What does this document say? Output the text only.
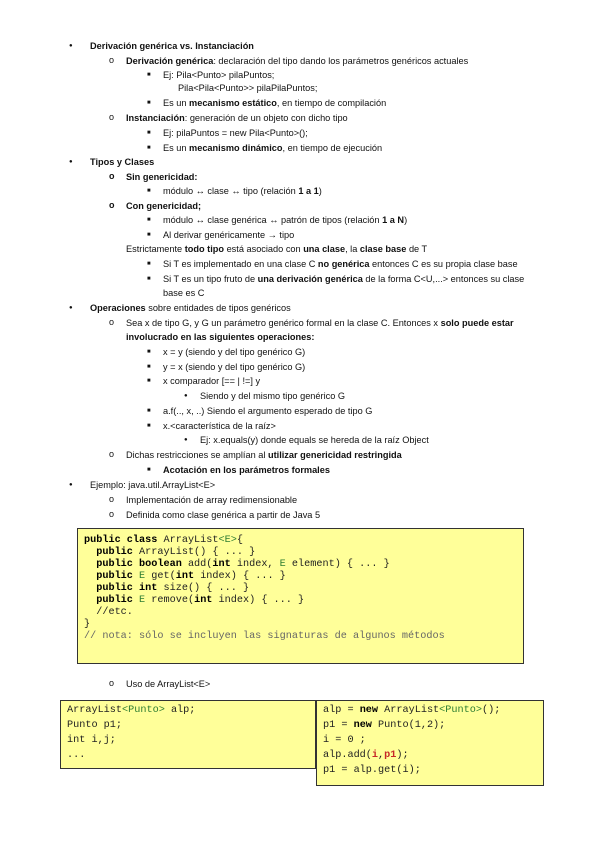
● Derivación genérica vs. Instanciación
o Derivación genérica: declaración del tipo dando los parámetros genéricos actuales
■ Ej: Pila<Punto> pilaPuntos;
Pila<Pila<Punto>> pilaPilaPuntos;
■ Es un mecanismo estático, en tiempo de compilación
o Instanciación: generación de un objeto con dicho tipo
■ Ej: pilaPuntos = new Pila<Punto>();
■ Es un mecanismo dinámico, en tiempo de ejecución
● Tipos y Clases
o Sin genericidad:
■ módulo ↔ clase ↔ tipo (relación 1 a 1)
o Con genericidad;
■ módulo ↔ clase genérica ↔ patrón de tipos (relación 1 a N)
■ Al derivar genéricamente → tipo
Estrictamente todo tipo está asociado con una clase, la clase base de T
■ Si T es implementado en una clase C no genérica entonces C es su propia clase base
■ Si T es un tipo fruto de una derivación genérica de la forma C<U,...> entonces su clase
base es C
● Operaciones sobre entidades de tipos genéricos
o Sea x de tipo G, y G un parámetro genérico formal en la clase C. Entonces x solo puede estar
involucrado en las siguientes operaciones:
■ x = y (siendo y del tipo genérico G)
■ y = x (siendo y del tipo genérico G)
■ x comparador [== | !=] y
● Siendo y del mismo tipo genérico G
■ a.f(.., x, ..) Siendo el argumento esperado de tipo G
■ x.<característica de la raíz>
● Ej: x.equals(y) donde equals se hereda de la raíz Object
o Dichas restricciones se amplían al utilizar genericidad restringida
■ Acotación en los parámetros formales
● Ejemplo: java.util.ArrayList<E>
o Implementación de array redimensionable
o Definida como clase genérica a partir de Java 5
public class ArrayList<E>{
public ArrayList() { ... }
public boolean add(int index, E element) { ... }
public E get(int index) { ... }
public int size() { ... }
public E remove(int index) { ... }
//etc.
}
// nota: sólo se incluyen las signaturas de algunos métodos
o Uso de ArrayList<E>
ArrayList<Punto> alp;
Punto p1;
int i,j;
...
alp = new ArrayList<Punto>();
p1 = new Punto(1,2);
i = 0 ;
alp.add(i,p1);
p1 = alp.get(i);
